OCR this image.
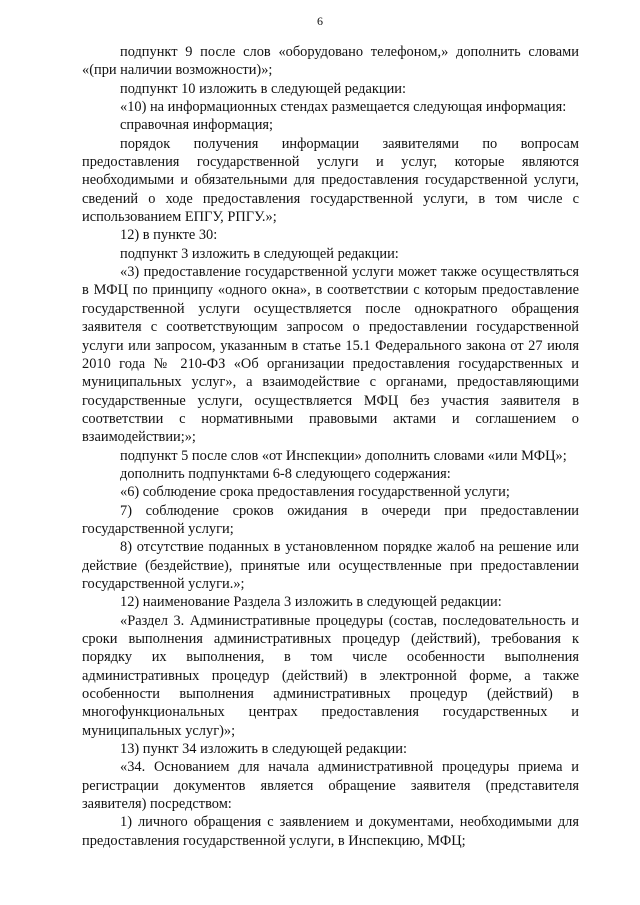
6

подпункт 9 после слов «оборудовано телефоном,» дополнить словами «(при наличии возможности)»;

подпункт 10 изложить в следующей редакции:

«10) на информационных стендах размещается следующая информация:

справочная информация;

порядок получения информации заявителями по вопросам предоставления государственной услуги и услуг, которые являются необходимыми и обязательными для предоставления государственной услуги, сведений о ходе предоставления государственной услуги, в том числе с использованием ЕПГУ, РПГУ.»;

12) в пункте 30:

подпункт 3 изложить в следующей редакции:

«3) предоставление государственной услуги может также осуществляться в МФЦ по принципу «одного окна», в соответствии с которым предоставление государственной услуги осуществляется после однократного обращения заявителя с соответствующим запросом о предоставлении государственной услуги или запросом, указанным в статье 15.1 Федерального закона от 27 июля 2010 года № 210-ФЗ «Об организации предоставления государственных и муниципальных услуг», а взаимодействие с органами, предоставляющими государственные услуги, осуществляется МФЦ без участия заявителя в соответствии с нормативными правовыми актами и соглашением о взаимодействии;»;

подпункт 5 после слов «от Инспекции» дополнить словами «или МФЦ»;

дополнить подпунктами 6-8 следующего содержания:

«6) соблюдение срока предоставления государственной услуги;

7) соблюдение сроков ожидания в очереди при предоставлении государственной услуги;

8) отсутствие поданных в установленном порядке жалоб на решение или действие (бездействие), принятые или осуществленные при предоставлении государственной услуги.»;

12) наименование Раздела 3 изложить в следующей редакции:

«Раздел 3. Административные процедуры (состав, последовательность и сроки выполнения административных процедур (действий), требования к порядку их выполнения, в том числе особенности выполнения административных процедур (действий) в электронной форме, а также особенности выполнения административных процедур (действий) в многофункциональных центрах предоставления государственных и муниципальных услуг)»;

13) пункт 34 изложить в следующей редакции:

«34. Основанием для начала административной процедуры приема и регистрации документов является обращение заявителя (представителя заявителя) посредством:

1) личного обращения с заявлением и документами, необходимыми для предоставления государственной услуги, в Инспекцию, МФЦ;
